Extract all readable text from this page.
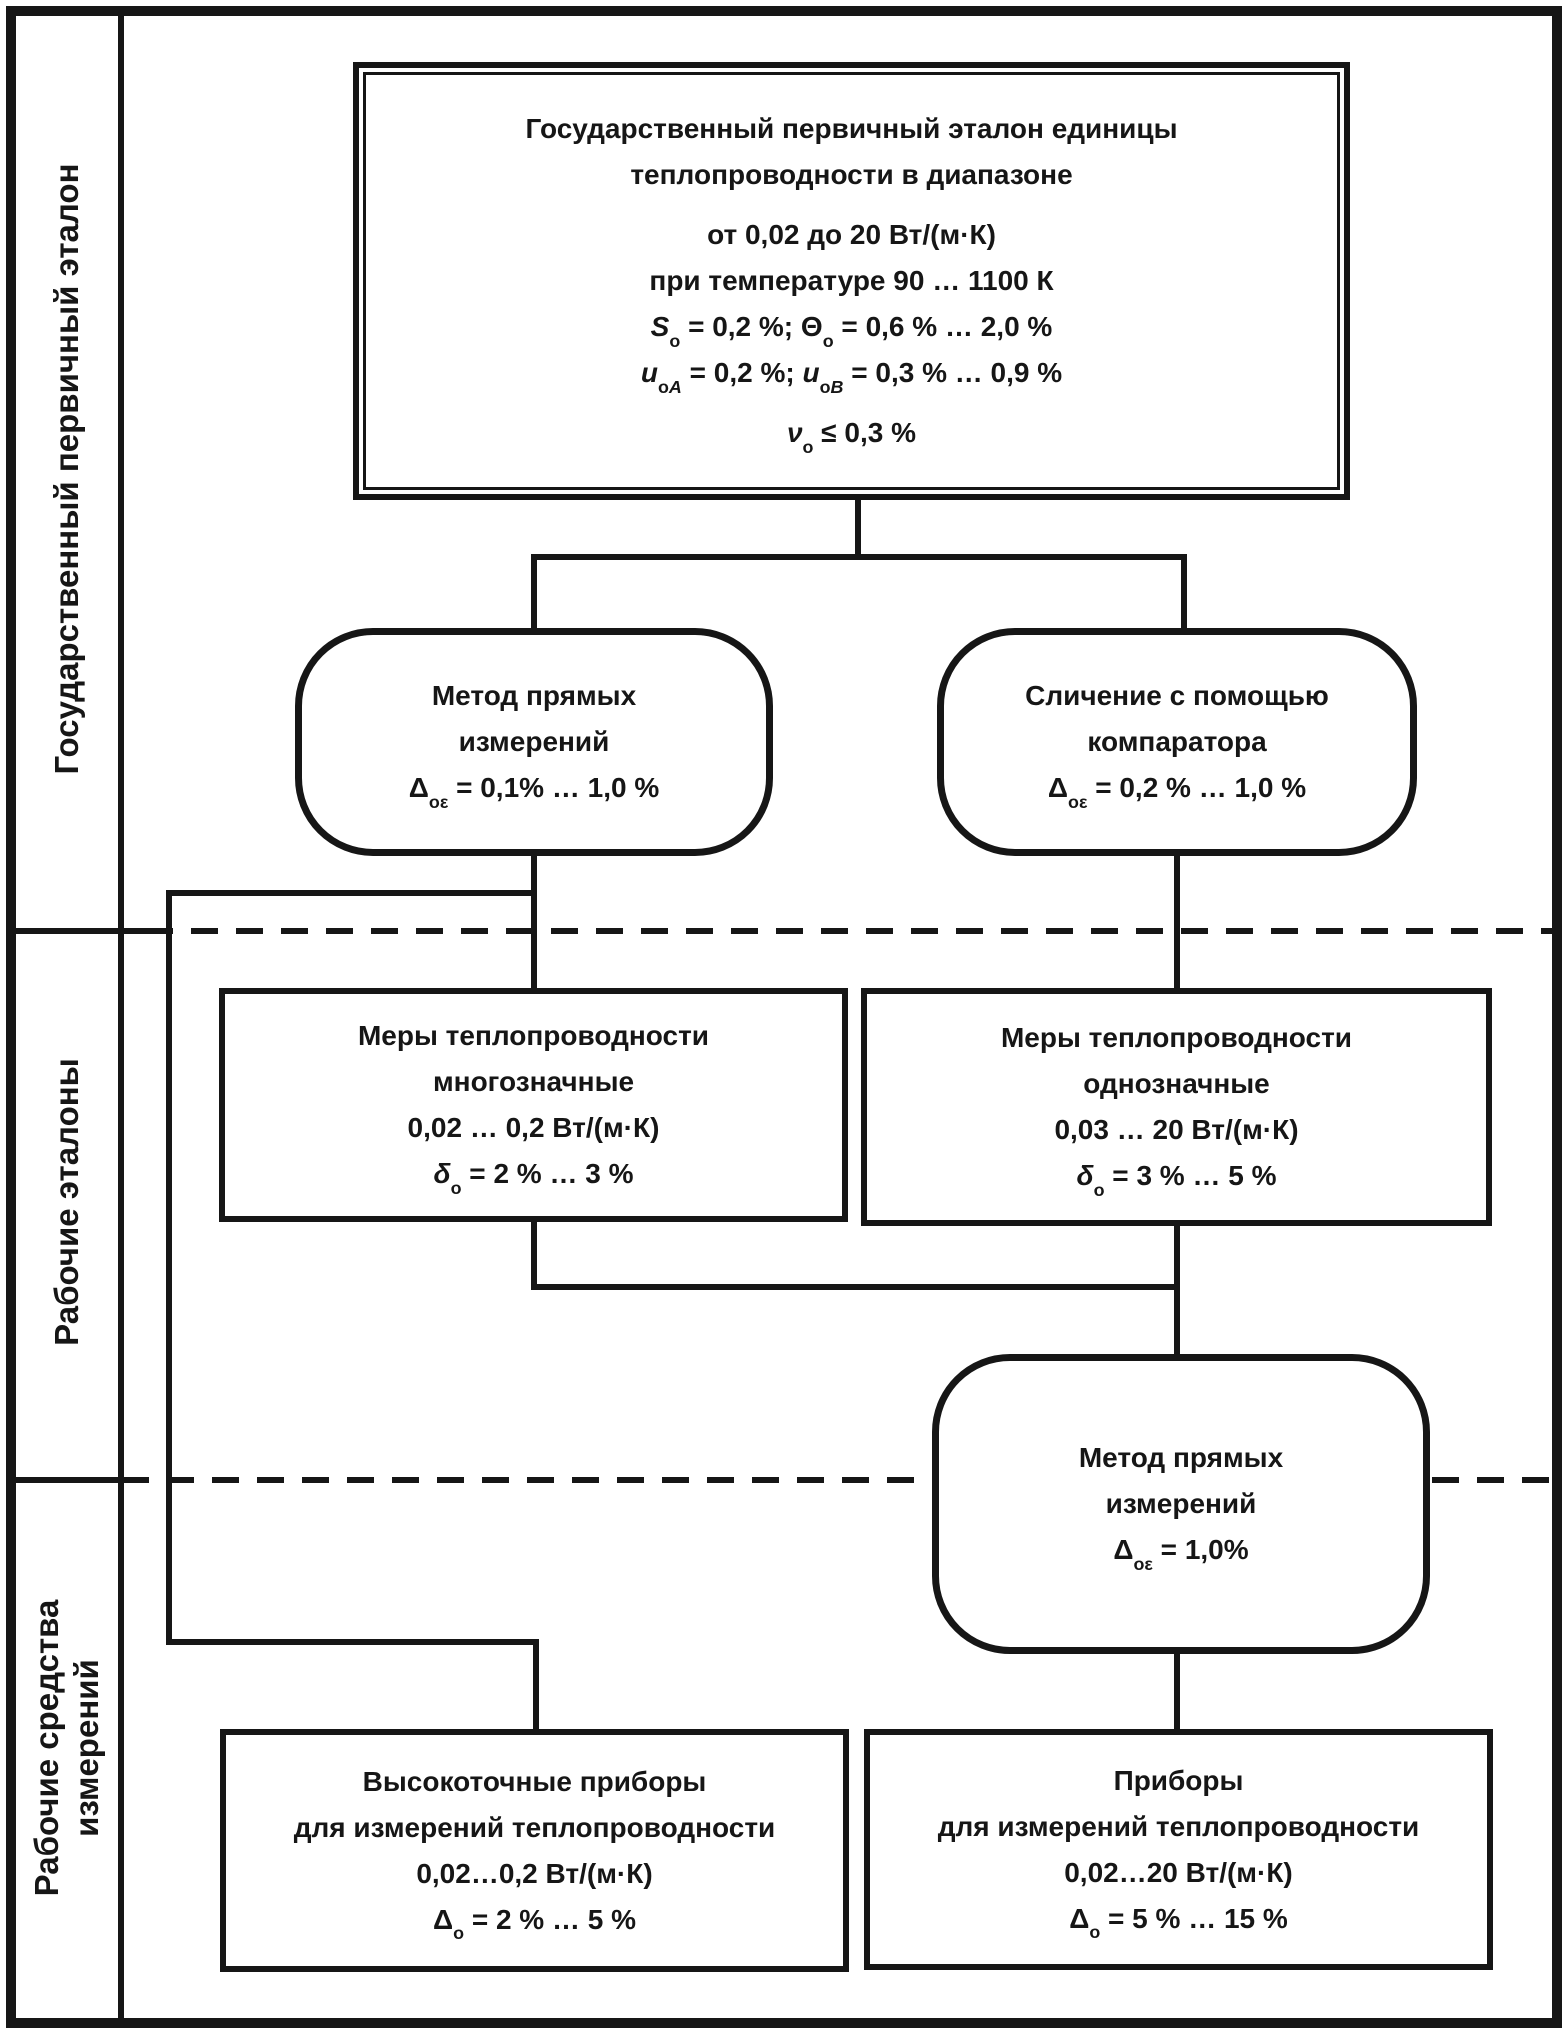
Государственный первичный эталон
Рабочие эталоны
Рабочие средства измерений
Государственный первичный эталон единицы
теплопроводности в диапазоне
от 0,02 до 20 Вт/(м·К)
при температуре 90 … 1100 К
$S_о = 0,2$ %; $\Theta_о = 0,6$ % … 2,0 %
$u_{оA} = 0,2$ %; $u_{оB} = 0,3$ % … 0,9 %
$\nu_о \le 0,3$ %
Метод прямых
измерений
$\Delta_{о\varepsilon} = 0,1\%$ … 1,0 %
Сличение с помощью
компаратора
$\Delta_{о\varepsilon} = 0,2$ % … 1,0 %
Меры теплопроводности
многозначные
0,02 … 0,2 Вт/(м·К)
$\delta_о = 2$ % … 3 %
Меры теплопроводности
однозначные
0,03 … 20 Вт/(м·К)
$\delta_о = 3$ % … 5 %
Метод прямых
измерений
$\Delta_{о\varepsilon} = 1,0\%$
Высокоточные приборы
для измерений теплопроводности
0,02…0,2 Вт/(м·К)
$\Delta_о = 2$ % … 5 %
Приборы
для измерений теплопроводности
0,02…20 Вт/(м·К)
$\Delta_о = 5$ % … 15 %
